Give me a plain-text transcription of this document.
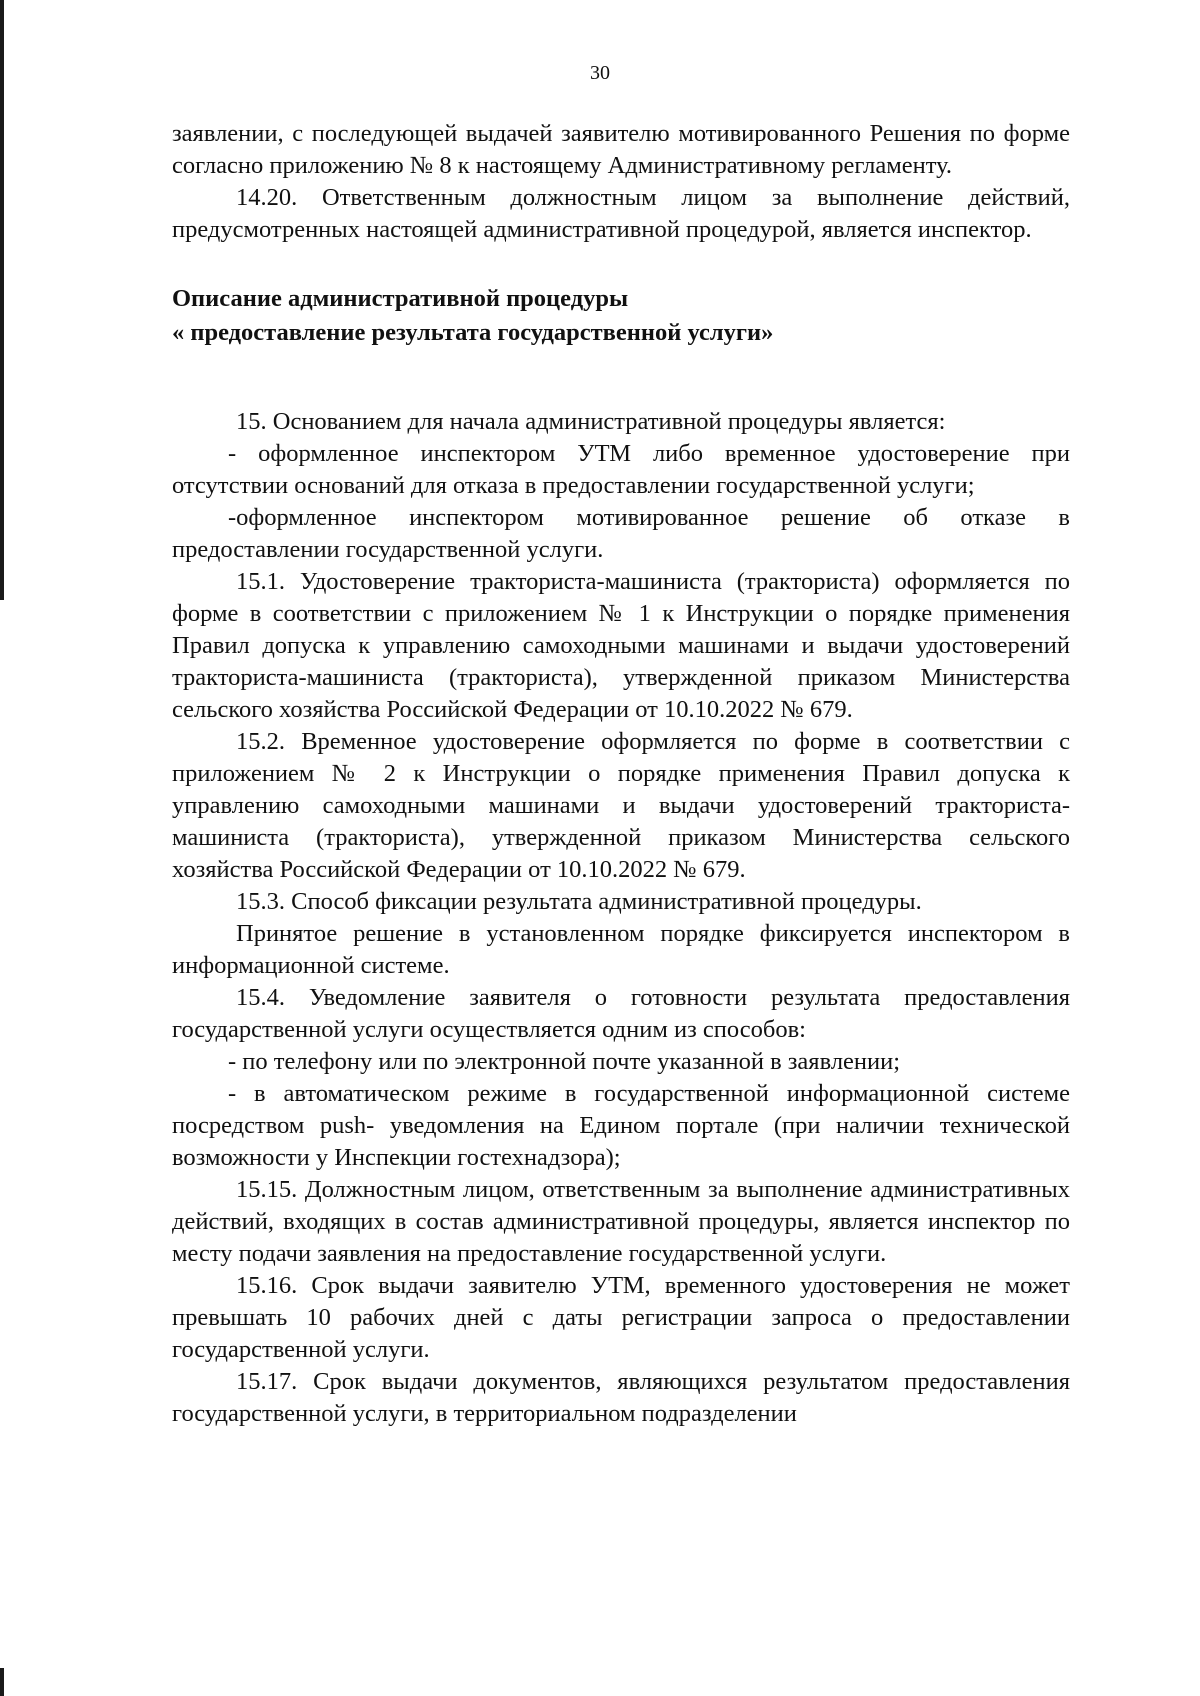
30

заявлении, с последующей выдачей заявителю мотивированного Решения по форме согласно приложению № 8 к настоящему Административному регламенту.

14.20. Ответственным должностным лицом за выполнение действий, предусмотренных настоящей административной процедурой, является инспектор.

Описание административной процедуры

« предоставление результата государственной услуги»

15. Основанием для начала административной процедуры является:

- оформленное инспектором УТМ либо временное удостоверение при отсутствии оснований для отказа в предоставлении государственной услуги;

-оформленное инспектором мотивированное решение об отказе в предоставлении государственной услуги.

15.1. Удостоверение тракториста-машиниста (тракториста) оформляется по форме в соответствии с приложением № 1 к Инструкции о порядке применения Правил допуска к управлению самоходными машинами и выдачи удостоверений тракториста-машиниста (тракториста), утвержденной приказом Министерства сельского хозяйства Российской Федерации от 10.10.2022 № 679.

15.2. Временное удостоверение оформляется по форме в соответствии с приложением № 2 к Инструкции о порядке применения Правил допуска к управлению самоходными машинами и выдачи удостоверений тракториста-машиниста (тракториста), утвержденной приказом Министерства сельского хозяйства Российской Федерации от 10.10.2022 № 679.

15.3. Способ фиксации результата административной процедуры.

Принятое решение в установленном порядке фиксируется инспектором в информационной системе.

15.4. Уведомление заявителя о готовности результата предоставления государственной услуги осуществляется одним из способов:

- по телефону или по электронной почте указанной в заявлении;

- в автоматическом режиме в государственной информационной системе посредством push- уведомления на Едином портале (при наличии технической возможности у Инспекции гостехнадзора);

15.15. Должностным лицом, ответственным за выполнение административных действий, входящих в состав административной процедуры, является инспектор по месту подачи заявления на предоставление государственной услуги.

15.16. Срок выдачи заявителю УТМ, временного удостоверения не может превышать 10 рабочих дней с даты регистрации запроса о предоставлении государственной услуги.

15.17. Срок выдачи документов, являющихся результатом предоставления государственной услуги, в территориальном подразделении
